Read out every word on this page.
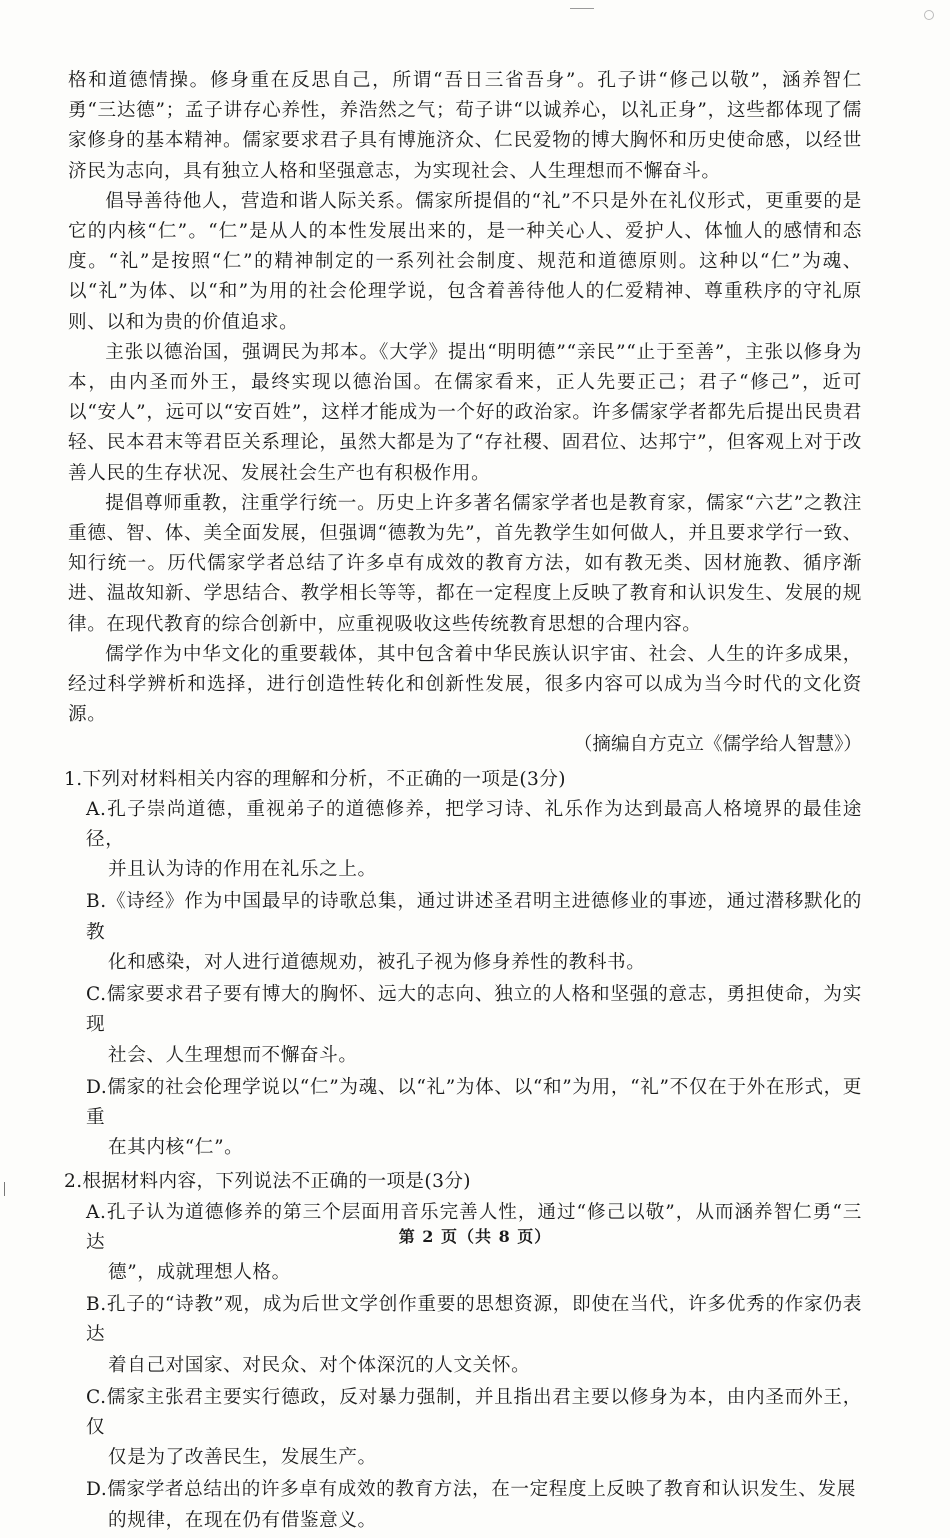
格和道德情操。修身重在反思自己，所谓“吾日三省吾身”。孔子讲“修己以敬”，涵养智仁勇“三达德”；孟子讲存心养性，养浩然之气；荀子讲“以诚养心，以礼正身”，这些都体现了儒家修身的基本精神。儒家要求君子具有博施济众、仁民爱物的博大胸怀和历史使命感，以经世济民为志向，具有独立人格和坚强意志，为实现社会、人生理想而不懈奋斗。

倡导善待他人，营造和谐人际关系。儒家所提倡的“礼”不只是外在礼仪形式，更重要的是它的内核“仁”。“仁”是从人的本性发展出来的，是一种关心人、爱护人、体恤人的感情和态度。“礼”是按照“仁”的精神制定的一系列社会制度、规范和道德原则。这种以“仁”为魂、以“礼”为体、以“和”为用的社会伦理学说，包含着善待他人的仁爱精神、尊重秩序的守礼原则、以和为贵的价值追求。

主张以德治国，强调民为邦本。《大学》提出“明明德”“亲民”“止于至善”，主张以修身为本，由内圣而外王，最终实现以德治国。在儒家看来，正人先要正己；君子“修己”，近可以“安人”，远可以“安百姓”，这样才能成为一个好的政治家。许多儒家学者都先后提出民贵君轻、民本君末等君臣关系理论，虽然大都是为了“存社稷、固君位、达邦宁”，但客观上对于改善人民的生存状况、发展社会生产也有积极作用。

提倡尊师重教，注重学行统一。历史上许多著名儒家学者也是教育家，儒家“六艺”之教注重德、智、体、美全面发展，但强调“德教为先”，首先教学生如何做人，并且要求学行一致、知行统一。历代儒家学者总结了许多卓有成效的教育方法，如有教无类、因材施教、循序渐进、温故知新、学思结合、教学相长等等，都在一定程度上反映了教育和认识发生、发展的规律。在现代教育的综合创新中，应重视吸收这些传统教育思想的合理内容。

儒学作为中华文化的重要载体，其中包含着中华民族认识宇宙、社会、人生的许多成果，经过科学辨析和选择，进行创造性转化和创新性发展，很多内容可以成为当今时代的文化资源。

（摘编自方克立《儒学给人智慧》）

1.下列对材料相关内容的理解和分析，不正确的一项是(3分)

A.孔子崇尚道德，重视弟子的道德修养，把学习诗、礼乐作为达到最高人格境界的最佳途径，
并且认为诗的作用在礼乐之上。

B.《诗经》作为中国最早的诗歌总集，通过讲述圣君明主进德修业的事迹，通过潜移默化的教
化和感染，对人进行道德规劝，被孔子视为修身养性的教科书。

C.儒家要求君子要有博大的胸怀、远大的志向、独立的人格和坚强的意志，勇担使命，为实现
社会、人生理想而不懈奋斗。

D.儒家的社会伦理学说以“仁”为魂、以“礼”为体、以“和”为用，“礼”不仅在于外在形式，更重
在其内核“仁”。

2.根据材料内容，下列说法不正确的一项是(3分)

A.孔子认为道德修养的第三个层面用音乐完善人性，通过“修己以敬”，从而涵养智仁勇“三达
德”，成就理想人格。

B.孔子的“诗教”观，成为后世文学创作重要的思想资源，即使在当代，许多优秀的作家仍表达
着自己对国家、对民众、对个体深沉的人文关怀。

C.儒家主张君主要实行德政，反对暴力强制，并且指出君主要以修身为本，由内圣而外王，仅
仅是为了改善民生，发展生产。

D.儒家学者总结出的许多卓有成效的教育方法，在一定程度上反映了教育和认识发生、发展
的规律，在现在仍有借鉴意义。

第 2 页（共 8 页）
